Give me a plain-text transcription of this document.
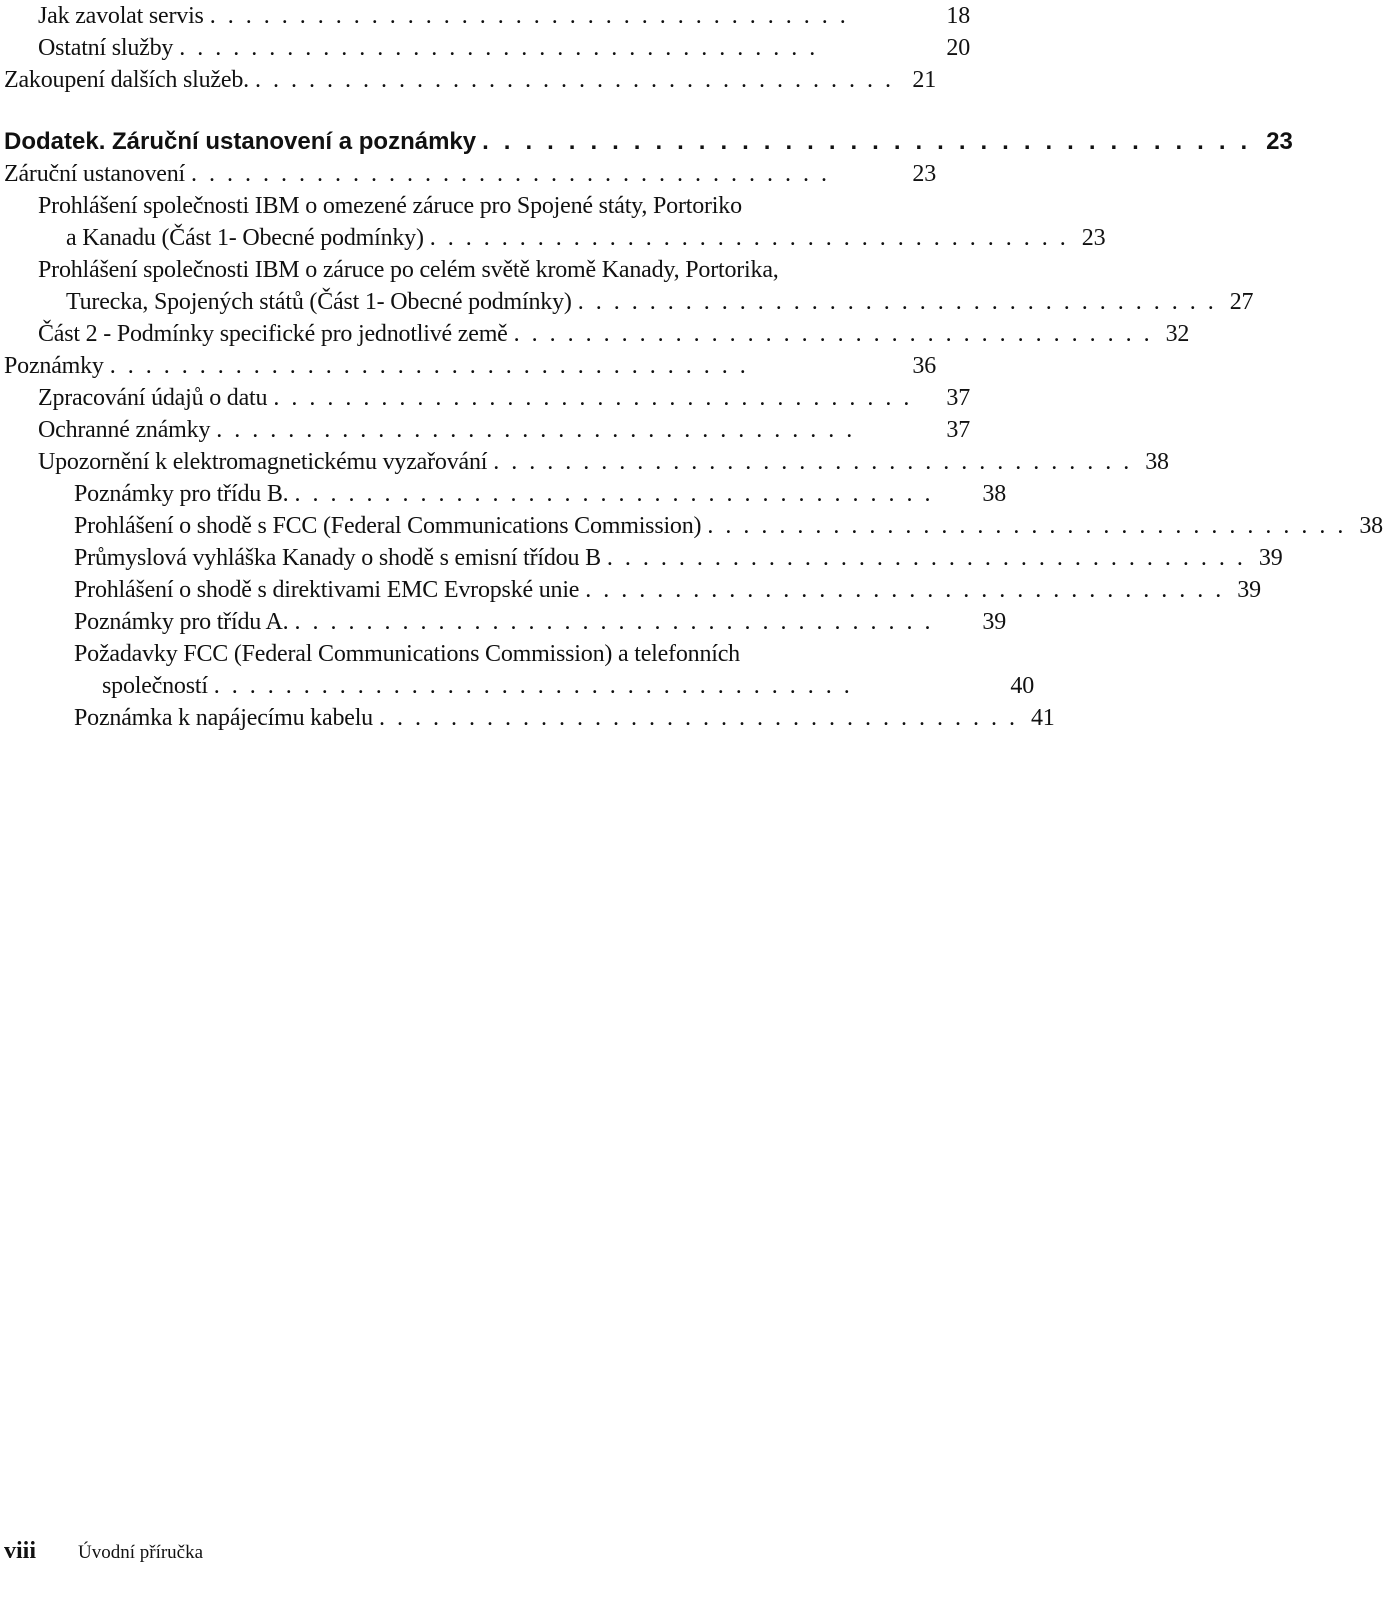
Jak zavolat servis ....................................	18
Ostatní služby ....................................	20
Zakoupení dalších služeb. .................................... 21
Dodatek. Záruční ustanovení a poznámky .................................... 23
Záruční ustanovení ....................................	23
Prohlášení společnosti IBM o omezené záruce pro Spojené státy, Portoriko
a Kanadu (Část 1- Obecné podmínky) .................................... 23
Prohlášení společnosti IBM o záruce po celém světě kromě Kanady, Portorika,
Turecka, Spojených států (Část 1- Obecné podmínky) .................................... 27
Část 2 - Podmínky specifické pro jednotlivé země .................................... 32
Poznámky ....................................	36
Zpracování údajů o datu ....................................	37
Ochranné známky ....................................	37
Upozornění k elektromagnetickému vyzařování .................................... 38
Poznámky pro třídu B. ....................................	38
Prohlášení o shodě s FCC (Federal Communications Commission) .................................... 38
Průmyslová vyhláška Kanady o shodě s emisní třídou B .................................... 39
Prohlášení o shodě s direktivami EMC Evropské unie .................................... 39
Poznámky pro třídu A. ....................................	39
Požadavky FCC (Federal Communications Commission) a telefonních
společností ....................................	40
Poznámka k napájecímu kabelu .................................... 41
viii	Úvodní příručka
